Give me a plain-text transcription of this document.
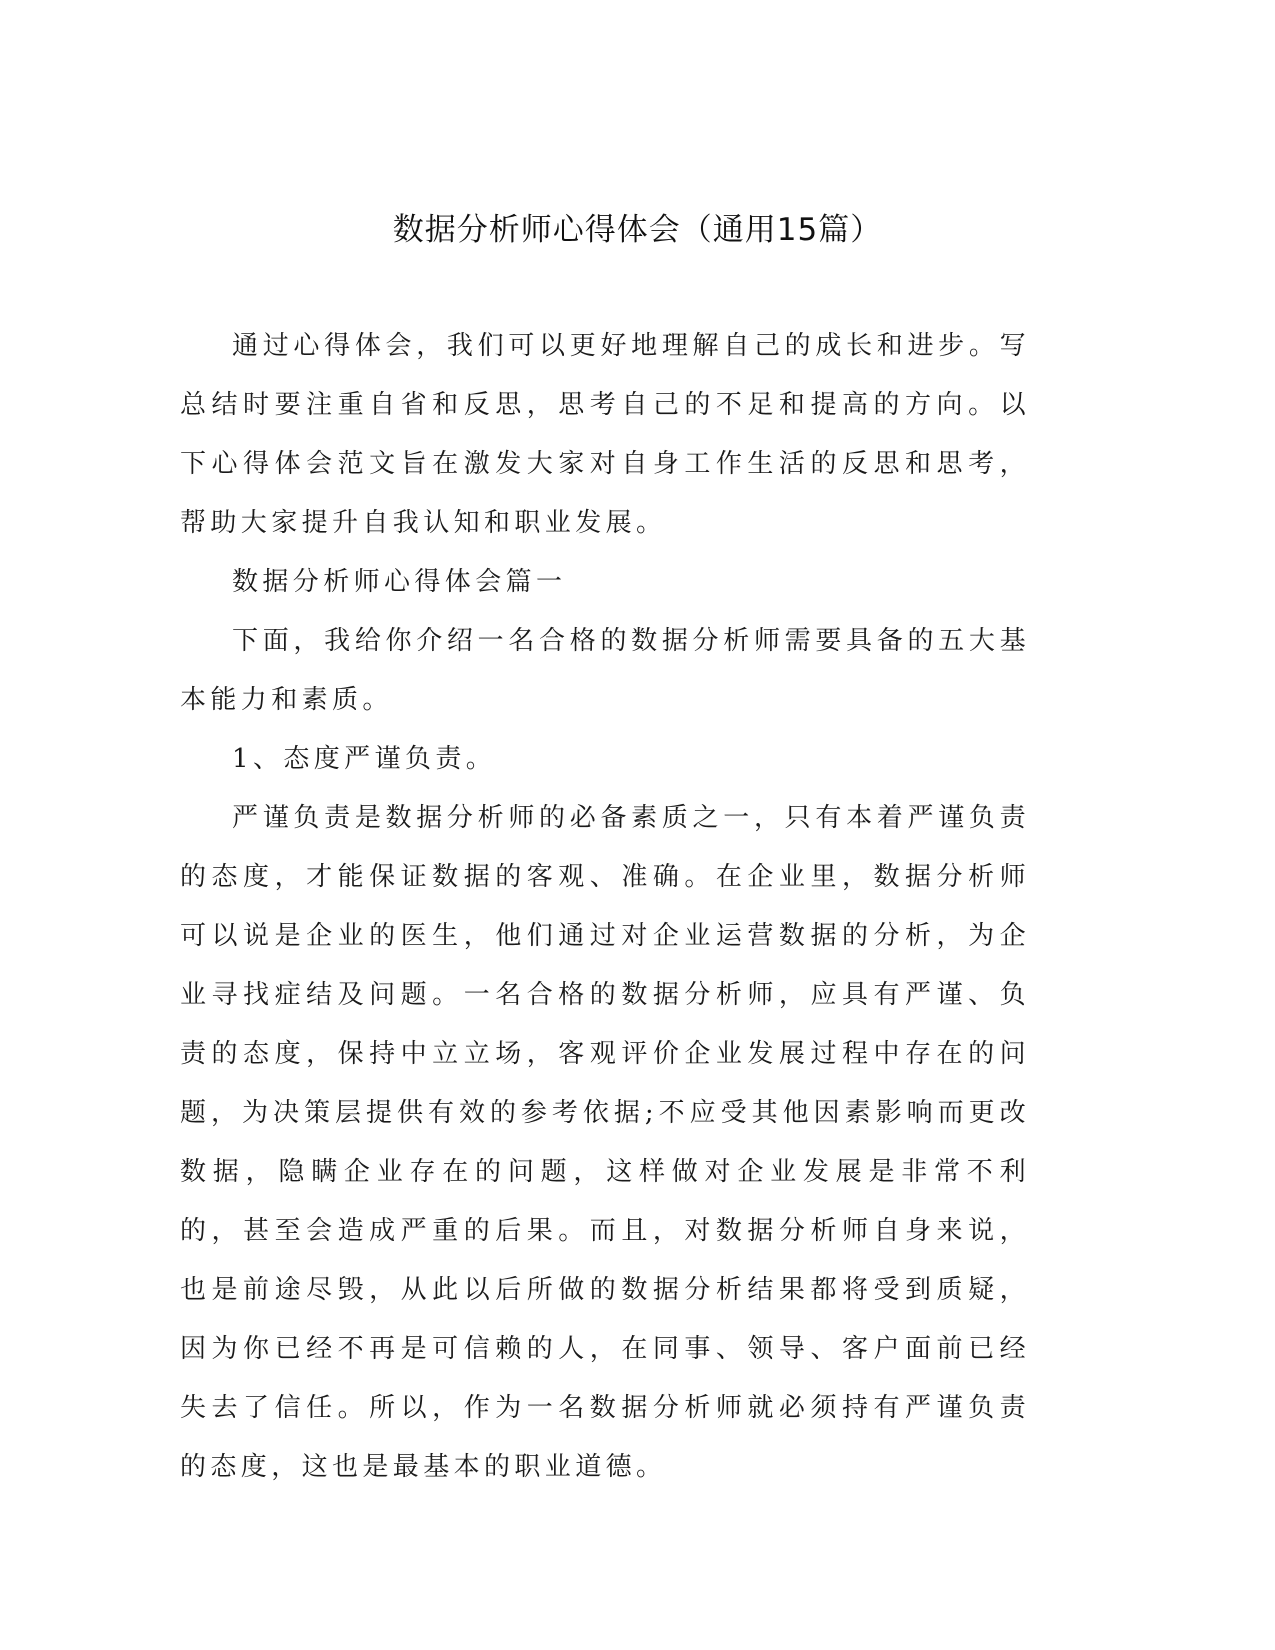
数据分析师心得体会（通用15篇）

通过心得体会，我们可以更好地理解自己的成长和进步。写总结时要注重自省和反思，思考自己的不足和提高的方向。以下心得体会范文旨在激发大家对自身工作生活的反思和思考，帮助大家提升自我认知和职业发展。

数据分析师心得体会篇一

下面，我给你介绍一名合格的数据分析师需要具备的五大基本能力和素质。

1、态度严谨负责。

严谨负责是数据分析师的必备素质之一，只有本着严谨负责的态度，才能保证数据的客观、准确。在企业里，数据分析师可以说是企业的医生，他们通过对企业运营数据的分析，为企业寻找症结及问题。一名合格的数据分析师，应具有严谨、负责的态度，保持中立立场，客观评价企业发展过程中存在的问题，为决策层提供有效的参考依据;不应受其他因素影响而更改数据，隐瞒企业存在的问题，这样做对企业发展是非常不利的，甚至会造成严重的后果。而且，对数据分析师自身来说，也是前途尽毁，从此以后所做的数据分析结果都将受到质疑，因为你已经不再是可信赖的人，在同事、领导、客户面前已经失去了信任。所以，作为一名数据分析师就必须持有严谨负责的态度，这也是最基本的职业道德。
